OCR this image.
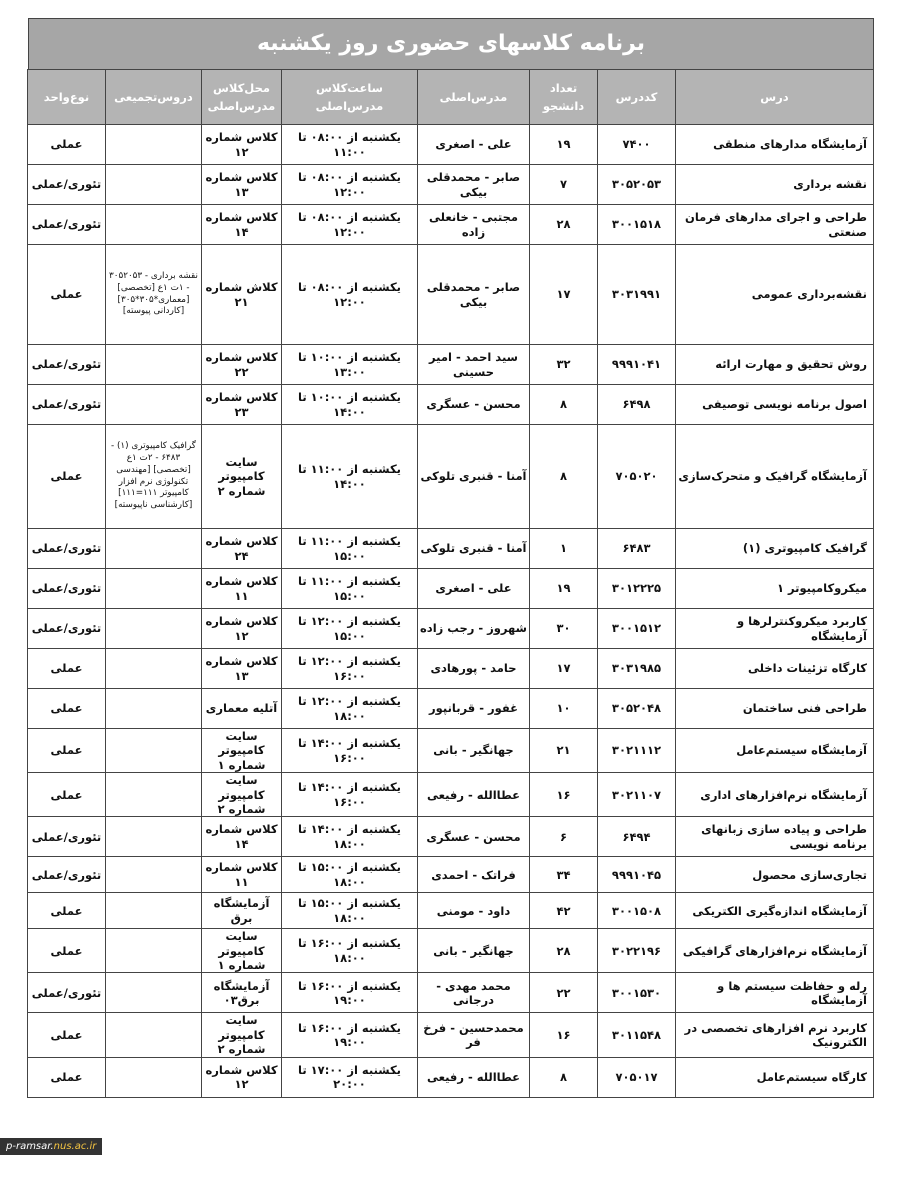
برنامه کلاسهای حضوری روز یکشنبه
درس	کددرس	تعداد دانشجو	مدرس‌اصلی	ساعت‌کلاس مدرس‌اصلی	محل‌کلاس مدرس‌اصلی	دروس‌تجمیعی	نوع‌واحد
آزمایشگاه مدارهای منطقی	۷۴۰۰	۱۹	علی - اصغری	یکشنبه از ۰۸:۰۰ تا ۱۱:۰۰	کلاس شماره ۱۲		عملی
نقشه برداری	۳۰۵۲۰۵۳	۷	صابر - محمدقلی بیکی	یکشنبه از ۰۸:۰۰ تا ۱۲:۰۰	کلاس شماره ۱۳		تئوری/عملی
طراحی و اجرای مدارهای فرمان صنعتی	۳۰۰۱۵۱۸	۲۸	مجتبی - خانعلی زاده	یکشنبه از ۰۸:۰۰ تا ۱۲:۰۰	کلاس شماره ۱۴		تئوری/عملی
نقشه‌برداری عمومی	۳۰۳۱۹۹۱	۱۷	صابر - محمدقلی بیکی	یکشنبه از ۰۸:۰۰ تا ۱۲:۰۰	کلاش شماره ۲۱	نقشه برداری - ۳۰۵۲۰۵۳ - ۱ت ۱ع [تخصصی] [معماری*۳۰۵*۳۰۵] [کاردانی پیوسته]	عملی
روش تحقیق و مهارت ارائه	۹۹۹۱۰۴۱	۳۲	سید احمد - امیر حسینی	یکشنبه از ۱۰:۰۰ تا ۱۳:۰۰	کلاس شماره ۲۲		تئوری/عملی
اصول برنامه نویسی توصیفی	۶۴۹۸	۸	محسن - عسگری	یکشنبه از ۱۰:۰۰ تا ۱۴:۰۰	کلاس شماره ۲۳		تئوری/عملی
آزمایشگاه گرافیک و متحرک‌سازی	۷۰۵۰۲۰	۸	آمنا - قنبری تلوکی	یکشنبه از ۱۱:۰۰ تا ۱۴:۰۰	سایت کامپیوتر شماره ۲	گرافیک کامپیوتری (۱) - ۶۴۸۳ - ۲ت ۱ع [تخصصی] [مهندسی تکنولوژی نرم افزار کامپیوتر ۱۱۱=۱۱۱] [کارشناسی ناپیوسته]	عملی
گرافیک کامپیوتری (۱)	۶۴۸۳	۱	آمنا - قنبری تلوکی	یکشنبه از ۱۱:۰۰ تا ۱۵:۰۰	کلاس شماره ۲۴		تئوری/عملی
میکروکامپیوتر ۱	۳۰۱۲۲۲۵	۱۹	علی - اصغری	یکشنبه از ۱۱:۰۰ تا ۱۵:۰۰	کلاس شماره ۱۱		تئوری/عملی
کاربرد میکروکنترلرها و آزمایشگاه	۳۰۰۱۵۱۲	۳۰	شهروز - رجب زاده	یکشنبه از ۱۲:۰۰ تا ۱۵:۰۰	کلاس شماره ۱۲		تئوری/عملی
کارگاه تزئینات داخلی	۳۰۳۱۹۸۵	۱۷	حامد - پورهادی	یکشنبه از ۱۲:۰۰ تا ۱۶:۰۰	کلاس شماره ۱۳		عملی
طراحی فنی ساختمان	۳۰۵۲۰۴۸	۱۰	غفور - قربانپور	یکشنبه از ۱۲:۰۰ تا ۱۸:۰۰	آتلیه معماری		عملی
آزمایشگاه سیستم‌عامل	۳۰۲۱۱۱۲	۲۱	جهانگیر - بانی	یکشنبه از ۱۴:۰۰ تا ۱۶:۰۰	سایت کامپیوتر شماره ۱		عملی
آزمایشگاه نرم‌افزارهای اداری	۳۰۲۱۱۰۷	۱۶	عطاالله - رفیعی	یکشنبه از ۱۴:۰۰ تا ۱۶:۰۰	سایت کامپیوتر شماره ۲		عملی
طراحی و پیاده سازی زبانهای برنامه نویسی	۶۴۹۴	۶	محسن - عسگری	یکشنبه از ۱۴:۰۰ تا ۱۸:۰۰	کلاس شماره ۱۴		تئوری/عملی
تجاری‌سازی محصول	۹۹۹۱۰۴۵	۳۴	فراتک - احمدی	یکشنبه از ۱۵:۰۰ تا ۱۸:۰۰	کلاس شماره ۱۱		تئوری/عملی
آزمایشگاه اندازه‌گیری الکتریکی	۳۰۰۱۵۰۸	۴۲	داود - مومنی	یکشنبه از ۱۵:۰۰ تا ۱۸:۰۰	آزمایشگاه برق		عملی
آزمایشگاه نرم‌افزارهای گرافیکی	۳۰۲۲۱۹۶	۲۸	جهانگیر - بانی	یکشنبه از ۱۶:۰۰ تا ۱۸:۰۰	سایت کامپیوتر شماره ۱		عملی
رله و حفاظت سیستم ها و آزمایشگاه	۳۰۰۱۵۳۰	۲۲	محمد مهدی - درجانی	یکشنبه از ۱۶:۰۰ تا ۱۹:۰۰	آزمایشگاه برق۰۳		تئوری/عملی
کاربرد نرم افزارهای تخصصی در الکترونیک	۳۰۱۱۵۴۸	۱۶	محمدحسین - فرخ فر	یکشنبه از ۱۶:۰۰ تا ۱۹:۰۰	سایت کامپیوتر شماره ۲		عملی
کارگاه سیستم‌عامل	۷۰۵۰۱۷	۸	عطاالله - رفیعی	یکشنبه از ۱۷:۰۰ تا ۲۰:۰۰	کلاس شماره ۱۲		عملی
p-ramsar.nus.ac.ir
